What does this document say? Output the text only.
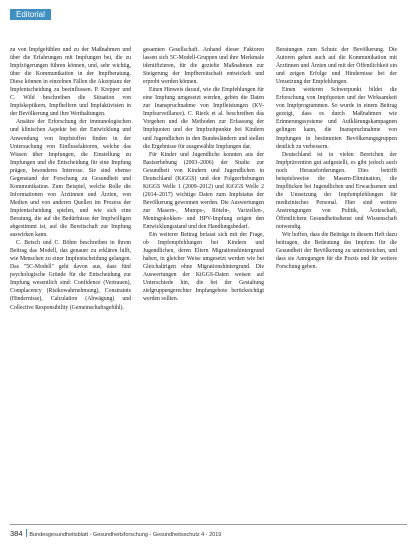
Editorial

zu von Impfgefühlen und zu der Maßnahmen und über die Erfahrungen mit Impfungen bei, die zu Impfzögerungen führen können, und, sehr wichtig, über die Kommunikation in der Impfberatung. Diese können in einzelnen Fällen die Akzeptanz der Impfentscheidung zu beeinflussen. P. Krepper und C. Wild beschreiben die Situation von Impfskeptikern, Impfhelfern und Impfaktivisten in der Bevölkerung und ihre Werthaltungen.

Ansätze der Erforschung der immunologischen und klinischen Aspekte bei der Entwicklung und Anwendung von Impfstoffen finden in der Untersuchung von Einflussfaktoren, welche das Wissen über Impfungen, die Einstellung zu Impfungen und die Entscheidung für eine Impfung prägen, besonderes Interesse. Sie sind ebenso Gegenstand der Forschung zu Gesundheit und Kommunikation. Zum Beispiel, welche Rolle die Informationen von Ärztinnen und Ärzten, von Medien und von anderen Quellen im Prozess der Impfentscheidung spielen, und wie sich eine Beratung, die auf die Bedürfnisse der Impfwilligen abgestimmt ist, auf die Bereitschaft zur Impfung auswirken kann.

C. Betsch und C. Böhm beschreiben in ihrem Beitrag das Modell, das genauer zu erklären hilft, wie Menschen zu einer Impfentscheidung gelangen. Das "5C-Modell" geht davon aus, dass fünf psychologische Gründe für die Entscheidung zur Impfung wesentlich sind: Confidence (Vertrauen), Complacency (Risikowahrnehmung), Constraints (Hindernisse), Calculation (Abwägung) und Collective Responsibility (Gemeinschaftsgefühl).

gesamten Gesellschaft. Anhand dieser Faktoren lassen sich 5C-Modell-Gruppen und ihre Merkmale identifizieren, für die gezielte Maßnahmen zur Steigerung der Impfbereitschaft entwickelt und erprobt werden können.

Einen Hinweis darauf, wie die Empfehlungen für eine Impfung umgesetzt werden, geben die Daten zur Inanspruchnahme von Impfleistungen (KV-Impfsurveillance). C. Rieck et al. beschreiben das Vorgehen und die Methoden zur Erfassung der Impfquoten und der Impfzeitpunkte bei Kindern und Jugendlichen in den Bundesländern und stellen die Ergebnisse für ausgewählte Impfungen dar.

Für Kinder und Jugendliche konnten aus der Basiserhebung (2003–2006) der Studie zur Gesundheit von Kindern und Jugendlichen in Deutschland (KiGGS) und den Folgeerhebungen KiGGS Welle 1 (2009–2012) und KiGGS Welle 2 (2014–2017) wichtige Daten zum Impfstatus der Bevölkerung gewonnen werden. Die Auswertungen zur Masern-, Mumps-, Röteln-, Varizellen-, Meningokokken- und HPV-Impfung zeigen den Entwicklungsstand und den Handlungsbedarf.

Ein weiterer Beitrag befasst sich mit der Frage, ob Impfempfehlungen bei Kindern und Jugendlichen, deren Eltern Migrationshintergrund haben, in gleicher Weise umgesetzt werden wie bei Gleichaltrigen ohne Migrationshintergrund. Die Auswertungen der KiGGS-Daten weisen auf Unterschiede hin, die bei der Gestaltung zielgruppengerechter Impfangebote berücksichtigt werden sollten.

Beratungen zum Schutz der Bevölkerung. Die Autoren gehen auch auf die Kommunikation mit Ärztinnen und Ärzten und mit der Öffentlichkeit ein und zeigen Erfolge und Hindernisse bei der Umsetzung der Empfehlungen.

Einen weiteren Schwerpunkt bildet die Erforschung von Impfquoten und der Wirksamkeit von Impfprogrammen. So wurde in einem Beitrag gezeigt, dass es durch Maßnahmen wie Erinnerungssysteme und Aufklärungskampagnen gelingen kann, die Inanspruchnahme von Impfungen in bestimmten Bevölkerungsgruppen deutlich zu verbessern.

Deutschland ist in vielen Bereichen der Impfprävention gut aufgestellt, es gibt jedoch auch noch Herausforderungen. Dies betrifft beispielsweise die Masern-Elimination, die Impflücken bei Jugendlichen und Erwachsenen und die Umsetzung der Impfempfehlungen für medizinisches Personal. Hier sind weitere Anstrengungen von Politik, Ärzteschaft, Öffentlichem Gesundheitsdienst und Wissenschaft notwendig.

Wir hoffen, dass die Beiträge in diesem Heft dazu beitragen, die Bedeutung des Impfens für die Gesundheit der Bevölkerung zu unterstreichen, und dass sie Anregungen für die Praxis und für weitere Forschung geben.

384 Bundesgesundheitsblatt - Gesundheitsforschung - Gesundheitsschutz 4 · 2019
